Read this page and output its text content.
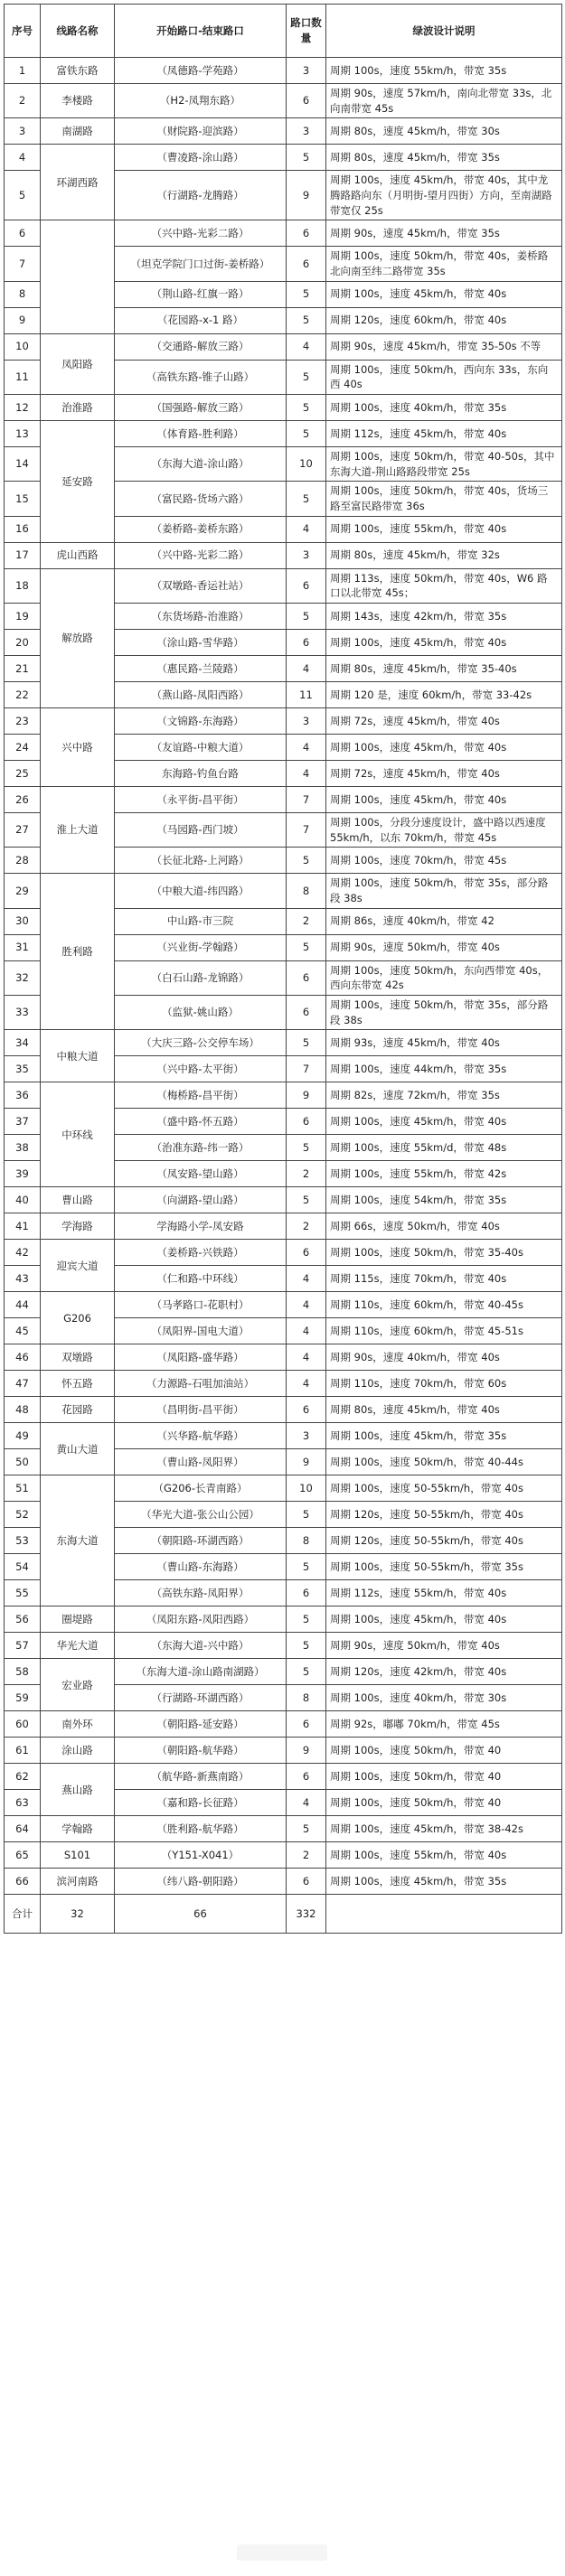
序号	线路名称	开始路口-结束路口	路口数量	绿波设计说明
1	富铁东路	（凤德路-学苑路）	3	周期 100s，速度 55km/h，带宽 35s
2	李楼路	（H2-凤翔东路）	6	周期 90s，速度 57km/h，南向北带宽 33s，北向南带宽 45s
3	南湖路	（财院路-迎滨路）	3	周期 80s，速度 45km/h，带宽 30s
4	环湖西路	（曹凌路-涂山路）	5	周期 80s，速度 45km/h，带宽 35s
5		（行湖路-龙腾路）	9	周期 100s，速度 45km/h，带宽 40s，其中龙腾路路向东（月明街-望月四街）方向，至南湖路带宽仅 25s
6		（兴中路-光彩二路）	6	周期 90s，速度 45km/h，带宽 35s
7		（坦克学院门口过街-姜桥路）	6	周期 100s，速度 50km/h，带宽 40s，姜桥路北向南至纬二路带宽 35s
8		（荆山路-红旗一路）	5	周期 100s，速度 45km/h，带宽 40s
9		（花园路-x-1 路）	5	周期 120s，速度 60km/h，带宽 40s
10	凤阳路	（交通路-解放三路）	4	周期 90s，速度 45km/h，带宽 35-50s 不等
11		（高铁东路-锥子山路）	5	周期 100s，速度 50km/h，西向东 33s，东向西 40s
12	治淮路	（国强路-解放三路）	5	周期 100s，速度 40km/h，带宽 35s
13	延安路	（体育路-胜利路）	5	周期 112s，速度 45km/h，带宽 40s
14		（东海大道-涂山路）	10	周期 100s，速度 50km/h，带宽 40-50s，其中东海大道-荆山路路段带宽 25s
15		（富民路-货场六路）	5	周期 100s，速度 50km/h，带宽 40s，货场三路至富民路带宽 36s
16		（姜桥路-姜桥东路）	4	周期 100s，速度 55km/h，带宽 40s
17	虎山西路	（兴中路-光彩二路）	3	周期 80s，速度 45km/h，带宽 32s
18	解放路	（双墩路-香运社站）	6	周期 113s，速度 50km/h，带宽 40s，W6 路口以北带宽 45s；
19		（东货场路-治淮路）	5	周期 143s，速度 42km/h，带宽 35s
20		（涂山路-雪华路）	6	周期 100s，速度 45km/h，带宽 40s
21		（惠民路-兰陵路）	4	周期 80s，速度 45km/h，带宽 35-40s
22		（燕山路-凤阳西路）	11	周期 120 是，速度 60km/h，带宽 33-42s
23	兴中路	（文锦路-东海路）	3	周期 72s，速度 45km/h，带宽 40s
24		（友谊路-中粮大道）	4	周期 100s，速度 45km/h，带宽 40s
25		东海路-钓鱼台路	4	周期 72s，速度 45km/h，带宽 40s
26	淮上大道	（永平街-昌平街）	7	周期 100s，速度 45km/h，带宽 40s
27		（马园路-西门坡）	7	周期 100s，分段分速度设计，盛中路以西速度 55km/h，以东 70km/h，带宽 45s
28		（长征北路-上河路）	5	周期 100s，速度 70km/h，带宽 45s
29	胜利路	（中粮大道-纬四路）	8	周期 100s，速度 50km/h，带宽 35s，部分路段 38s
30		中山路-市三院	2	周期 86s，速度 40km/h，带宽 42
31		（兴业街-学翰路）	5	周期 90s，速度 50km/h，带宽 40s
32		（白石山路-龙锦路）	6	周期 100s，速度 50km/h，东向西带宽 40s，西向东带宽 42s
33		（监狱-姚山路）	6	周期 100s，速度 50km/h，带宽 35s，部分路段 38s
34	中粮大道	（大庆三路-公交停车场）	5	周期 93s，速度 45km/h，带宽 40s
35		（兴中路-太平街）	7	周期 100s，速度 44km/h，带宽 35s
36	中环线	（梅桥路-昌平街）	9	周期 82s，速度 72km/h，带宽 35s
37		（盛中路-怀五路）	6	周期 100s，速度 45km/h，带宽 40s
38		（治准东路-纬一路）	5	周期 100s，速度 55km/d，带宽 48s
39		（凤安路-望山路）	2	周期 100s，速度 55km/h，带宽 42s
40	曹山路	（向湖路-望山路）	5	周期 100s，速度 54km/h，带宽 35s
41	学海路	学海路小学-凤安路	2	周期 66s，速度 50km/h，带宽 40s
42	迎宾大道	（姜桥路-兴铁路）	6	周期 100s，速度 50km/h，带宽 35-40s
43		（仁和路-中环线）	4	周期 115s，速度 70km/h，带宽 40s
44	G206	（马孝路口-花职村）	4	周期 110s，速度 60km/h，带宽 40-45s
45		（凤阳界-国电大道）	4	周期 110s，速度 60km/h，带宽 45-51s
46	双墩路	（凤阳路-盛华路）	4	周期 90s，速度 40km/h，带宽 40s
47	怀五路	（力源路-石咀加油站）	4	周期 110s，速度 70km/h，带宽 60s
48	花园路	（昌明街-昌平街）	6	周期 80s，速度 45km/h，带宽 40s
49	黄山大道	（兴华路-航华路）	3	周期 100s，速度 45km/h，带宽 35s
50		（曹山路-凤阳界）	9	周期 100s，速度 50km/h，带宽 40-44s
51	东海大道	（G206-长青南路）	10	周期 100s，速度 50-55km/h，带宽 40s
52		（华光大道-张公山公园）	5	周期 120s，速度 50-55km/h，带宽 40s
53		（朝阳路-环湖西路）	8	周期 120s，速度 50-55km/h，带宽 40s
54		（曹山路-东海路）	5	周期 100s，速度 50-55km/h，带宽 35s
55		（高铁东路-凤阳界）	6	周期 112s，速度 55km/h，带宽 40s
56	圈堤路	（凤阳东路-凤阳西路）	5	周期 100s，速度 45km/h，带宽 40s
57	华光大道	（东海大道-兴中路）	5	周期 90s，速度 50km/h，带宽 40s
58	宏业路	（东海大道-涂山路南湖路）	5	周期 120s，速度 42km/h，带宽 40s
59		（行湖路-环湖西路）	8	周期 100s，速度 40km/h，带宽 30s
60	南外环	（朝阳路-延安路）	6	周期 92s，嘟嘟 70km/h，带宽 45s
61	涂山路	（朝阳路-航华路）	9	周期 100s，速度 50km/h，带宽 40
62	燕山路	（航华路-新燕南路）	6	周期 100s，速度 50km/h，带宽 40
63		（嘉和路-长征路）	4	周期 100s，速度 50km/h，带宽 40
64	学翰路	（胜利路-航华路）	5	周期 100s，速度 45km/h，带宽 38-42s
65	S101	（Y151-X041）	2	周期 100s，速度 55km/h，带宽 40s
66	滨河南路	（纬八路-朝阳路）	6	周期 100s，速度 45km/h，带宽 35s
合计	32	66	332	
